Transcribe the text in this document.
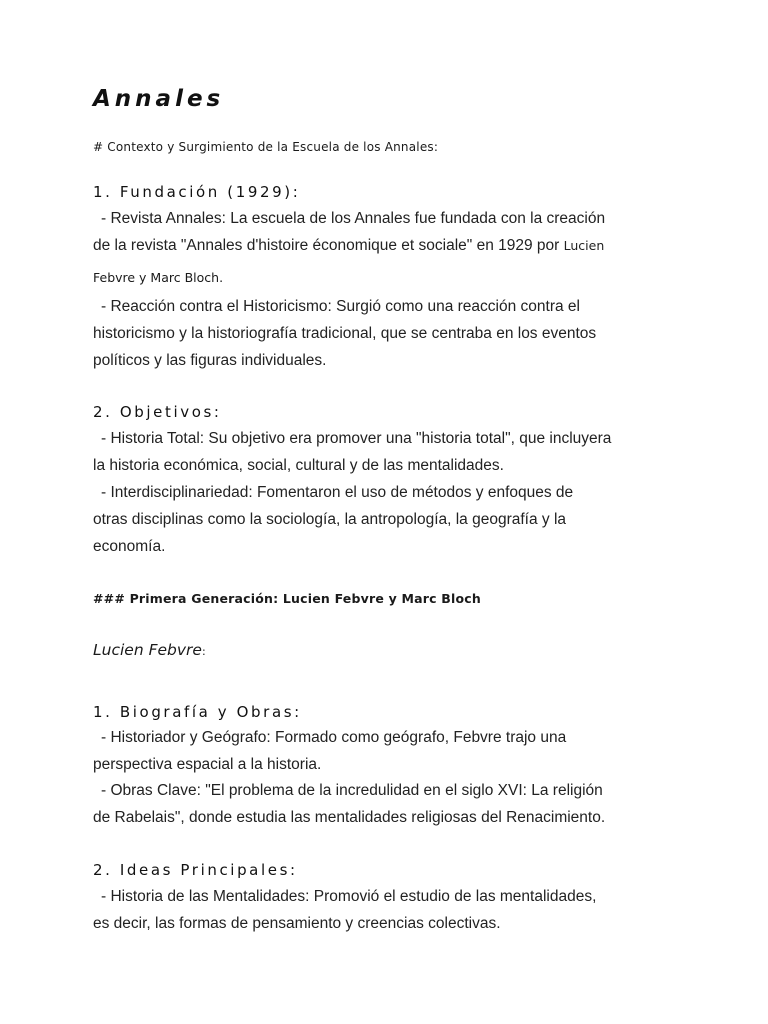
Annales
# Contexto y Surgimiento de la Escuela de los Annales:
1. Fundación (1929):
- Revista Annales: La escuela de los Annales fue fundada con la creación
de la revista "Annales d'histoire économique et sociale" en 1929 por Lucien
Febvre y Marc Bloch.
- Reacción contra el Historicismo: Surgió como una reacción contra el
historicismo y la historiografía tradicional, que se centraba en los eventos
políticos y las figuras individuales.
2. Objetivos:
- Historia Total: Su objetivo era promover una "historia total", que incluyera
la historia económica, social, cultural y de las mentalidades.
- Interdisciplinariedad: Fomentaron el uso de métodos y enfoques de
otras disciplinas como la sociología, la antropología, la geografía y la
economía.
### Primera Generación: Lucien Febvre y Marc Bloch
Lucien Febvre:
1. Biografía y Obras:
- Historiador y Geógrafo: Formado como geógrafo, Febvre trajo una
perspectiva espacial a la historia.
- Obras Clave: "El problema de la incredulidad en el siglo XVI: La religión
de Rabelais", donde estudia las mentalidades religiosas del Renacimiento.
2. Ideas Principales:
- Historia de las Mentalidades: Promovió el estudio de las mentalidades,
es decir, las formas de pensamiento y creencias colectivas.
